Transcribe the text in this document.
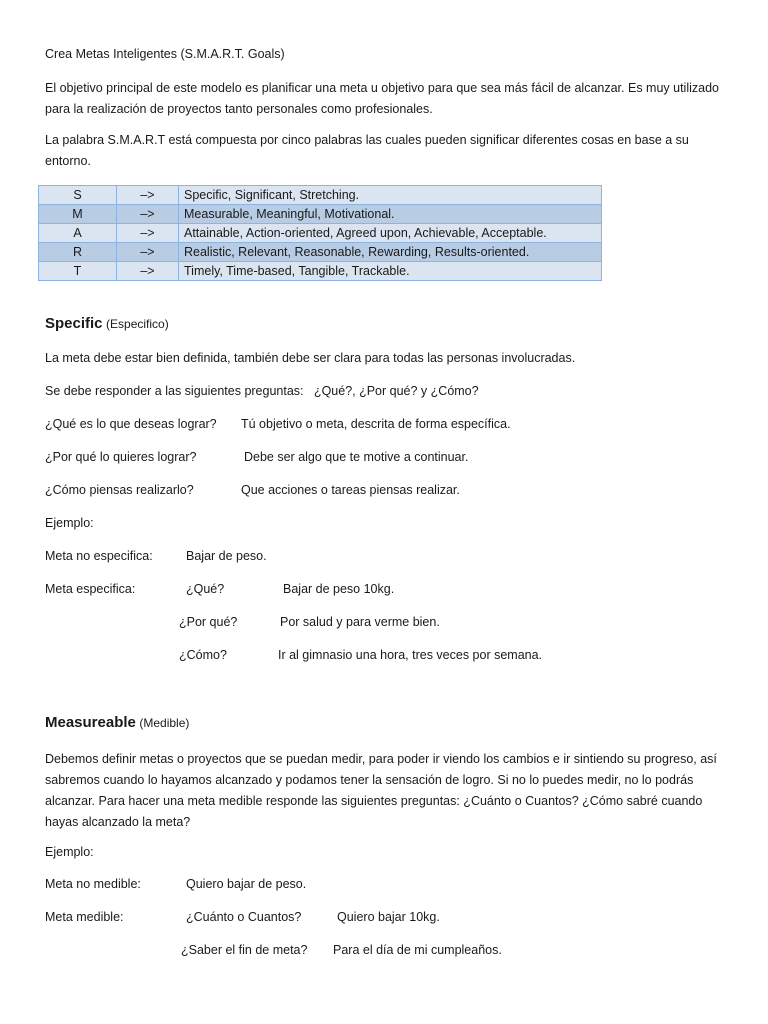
Crea Metas Inteligentes (S.M.A.R.T. Goals)
El objetivo principal de este modelo es planificar una meta u objetivo para que sea más fácil de alcanzar. Es muy utilizado para la realización de proyectos tanto personales como profesionales.
La palabra S.M.A.R.T está compuesta por cinco palabras las cuales pueden significar diferentes cosas en base a su entorno.
S	–>	Specific, Significant, Stretching.
M	–>	Measurable, Meaningful, Motivational.
A	–>	Attainable, Action-oriented, Agreed upon, Achievable, Acceptable.
R	–>	Realistic, Relevant, Reasonable, Rewarding, Results-oriented.
T	–>	Timely, Time-based, Tangible, Trackable.
Specific (Especifico)
La meta debe estar bien definida, también debe ser clara para todas las personas involucradas.
Se debe responder a las siguientes preguntas:   ¿Qué?, ¿Por qué? y ¿Cómo?
¿Qué es lo que deseas lograr? Tú objetivo o meta, descrita de forma específica.
¿Por qué lo quieres lograr?	Debe ser algo que te motive a continuar.
¿Cómo piensas realizarlo?	Que acciones o tareas piensas realizar.
Ejemplo:
Meta no especifica:	Bajar de peso.
Meta especifica:	¿Qué?	Bajar de peso 10kg.
¿Por qué?	Por salud y para verme bien.
¿Cómo?	Ir al gimnasio una hora, tres veces por semana.
Measureable (Medible)
Debemos definir metas o proyectos que se puedan medir, para poder ir viendo los cambios e ir sintiendo su progreso, así sabremos cuando lo hayamos alcanzado y podamos tener la sensación de logro. Si no lo puedes medir, no lo podrás alcanzar. Para hacer una meta medible responde las siguientes preguntas: ¿Cuánto o Cuantos? ¿Cómo sabré cuando hayas alcanzado la meta?
Ejemplo:
Meta no medible:	Quiero bajar de peso.
Meta medible:	¿Cuánto o Cuantos?	Quiero bajar 10kg.
¿Saber el fin de meta? Para el día de mi cumpleaños.
